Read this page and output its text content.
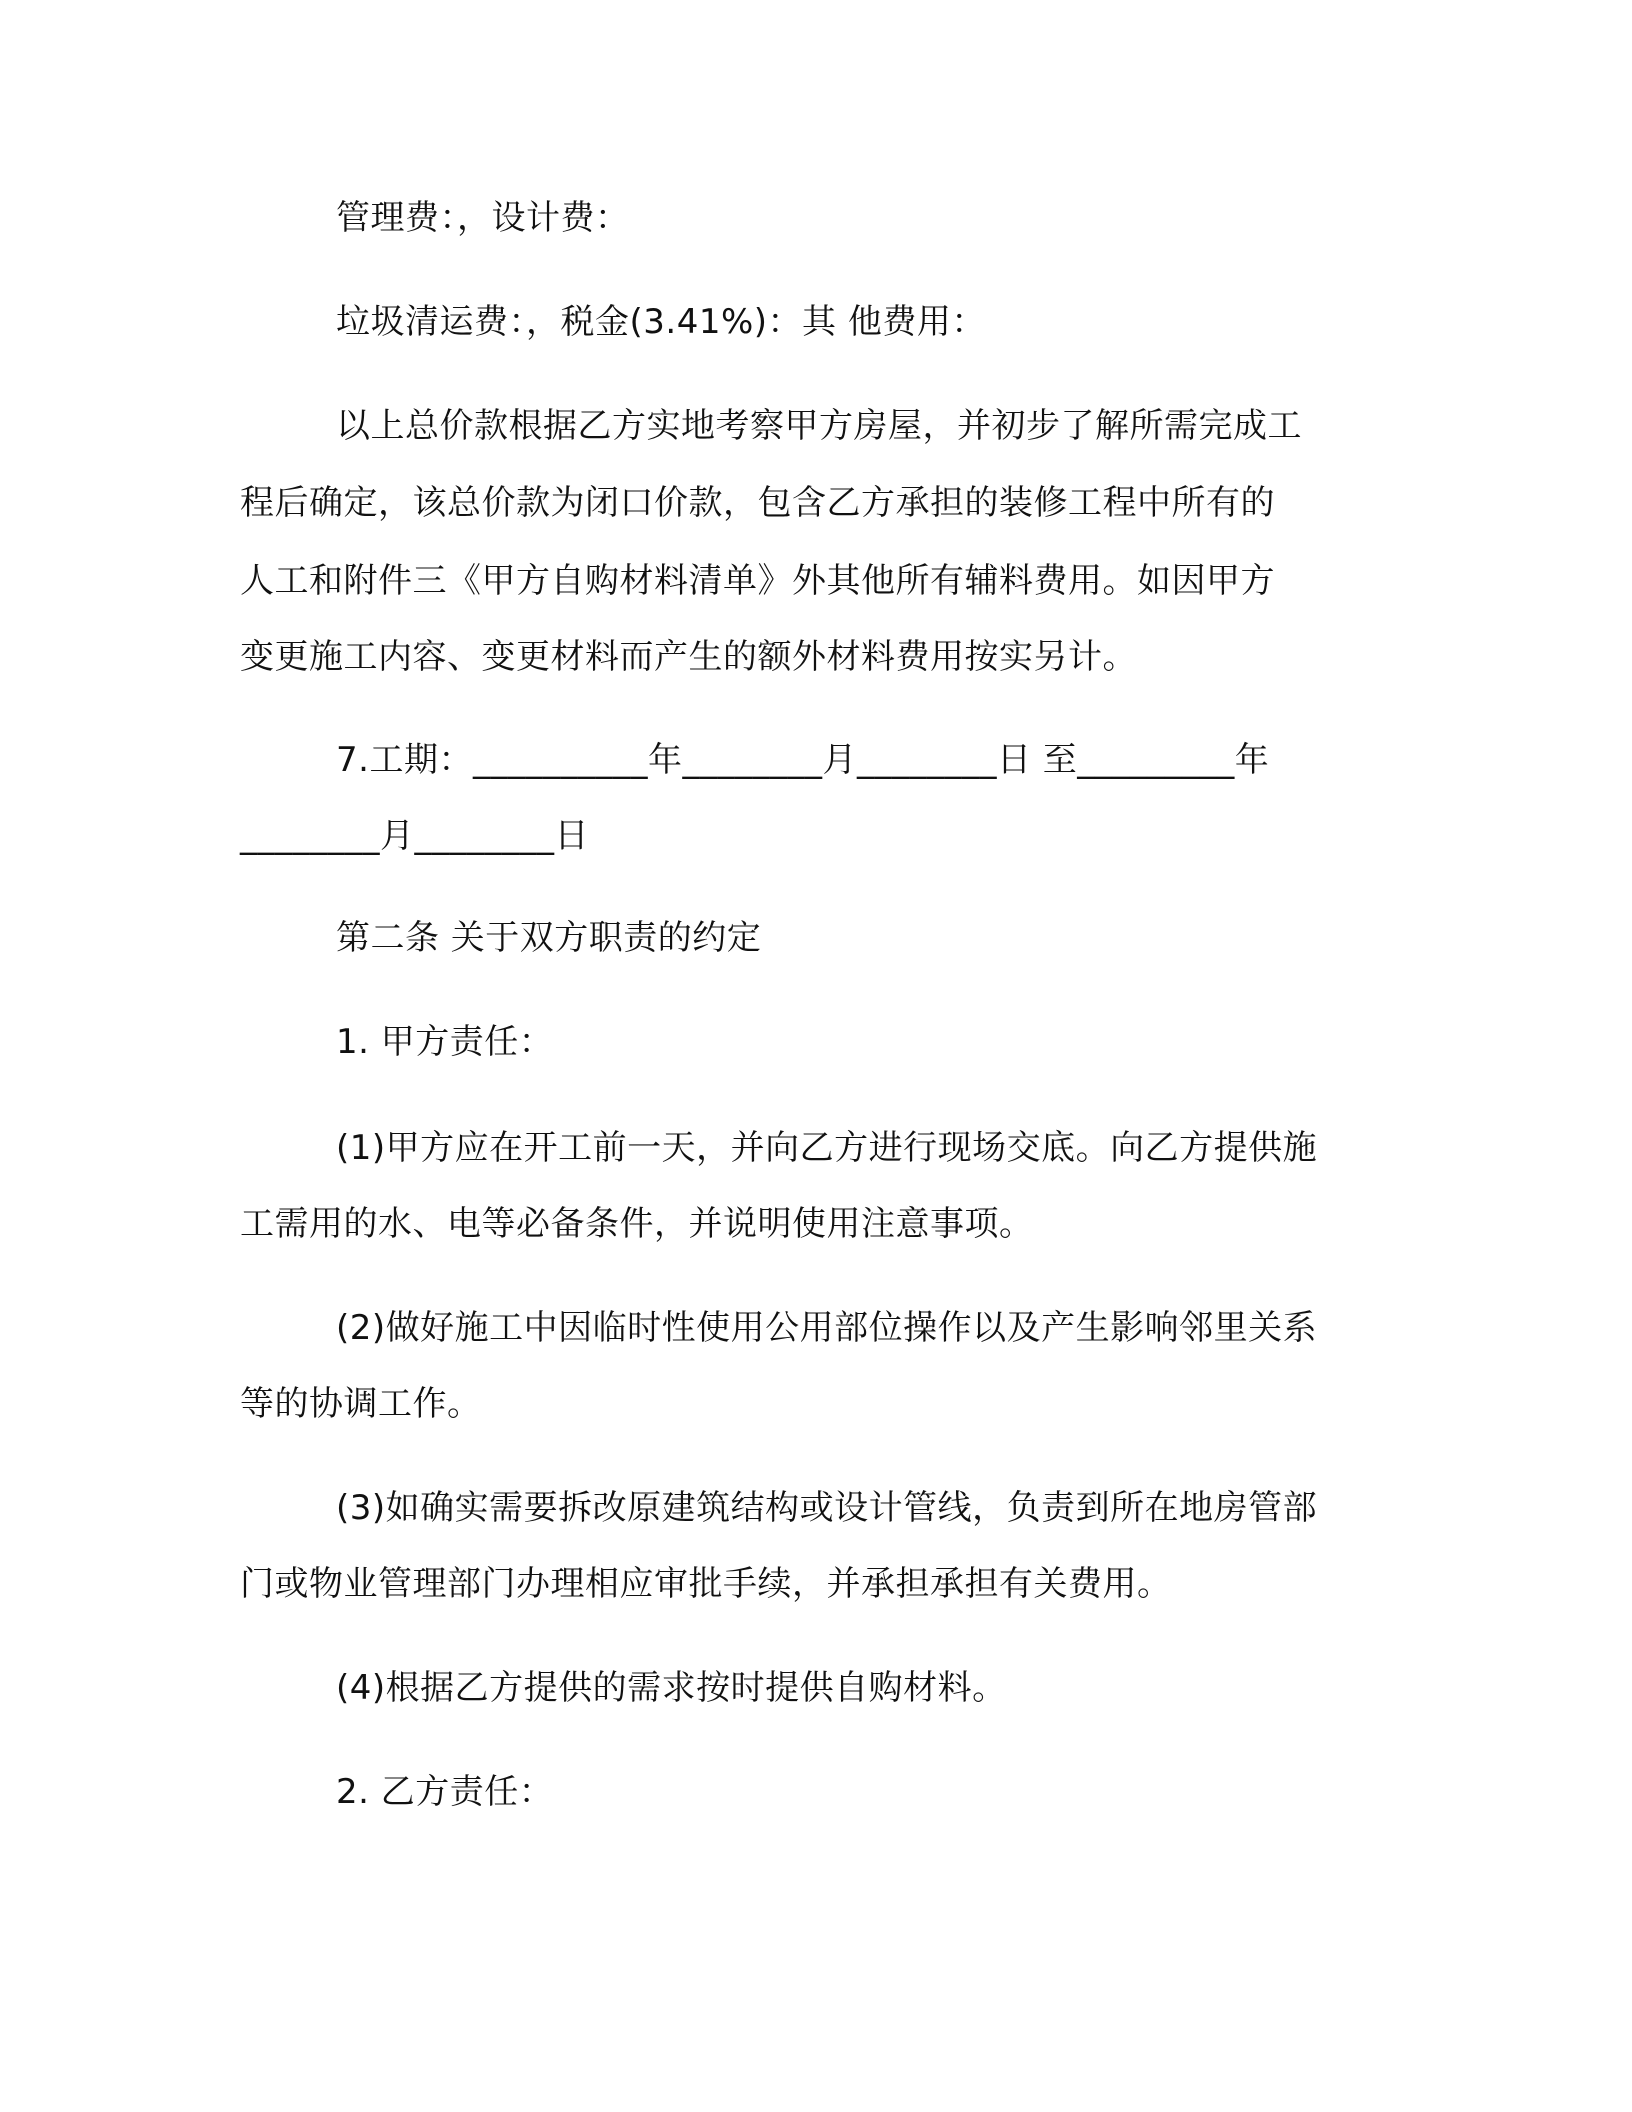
管理费：，设计费：
垃圾清运费：，税金(3.41%)：其 他费用：
以上总价款根据乙方实地考察甲方房屋，并初步了解所需完成工
程后确定，该总价款为闭口价款，包含乙方承担的装修工程中所有的
人工和附件三《甲方自购材料清单》外其他所有辅料费用。如因甲方
变更施工内容、变更材料而产生的额外材料费用按实另计。
7.工期：__________年________月________日 至_________年
________月________日
第二条 关于双方职责的约定
1. 甲方责任：
(1)甲方应在开工前一天，并向乙方进行现场交底。向乙方提供施
工需用的水、电等必备条件，并说明使用注意事项。
(2)做好施工中因临时性使用公用部位操作以及产生影响邻里关系
等的协调工作。
(3)如确实需要拆改原建筑结构或设计管线，负责到所在地房管部
门或物业管理部门办理相应审批手续，并承担承担有关费用。
(4)根据乙方提供的需求按时提供自购材料。
2. 乙方责任：
